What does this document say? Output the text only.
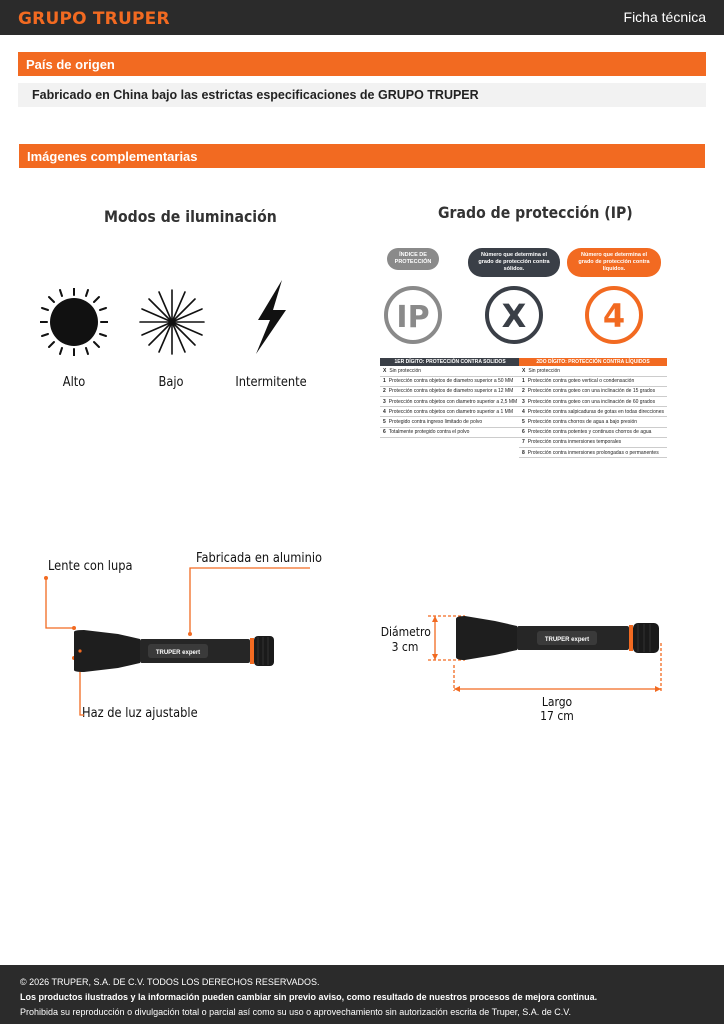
GRUPO TRUPER	Ficha técnica
País de origen
Fabricado en China bajo las estrictas especificaciones de GRUPO TRUPER
Imágenes complementarias
Modos de iluminación
Alto	Bajo	Intermitente
Grado de protección (IP)
ÍNDICE DE PROTECCIÓN
Número que determina el grado de protección contra sólidos.
Número que determina el grado de protección contra líquidos.
IP X 4
1ER DÍGITO: PROTECCIÓN CONTRA SOLIDOS
X Sin protección
1 Protección contra objetos de diametro superior a 50 MM
2 Protección contra objetos de diametro superior a 12 MM
3 Protección contra objetos con diametro superior a 2,5 MM
4 Protección contra objetos con diametro superior a 1 MM
5 Protegido contra ingreso limitado de polvo
6 Totalmente protegido contra el polvo
2DO DÍGITO: PROTECCIÓN CONTRA LÍQUIDOS
X Sin protección
1 Protección contra goteo vertical o condensación
2 Protección contra goteo con una inclinación de 15 grados
3 Protección contra goteo con una inclinación de 60 grados
4 Protección contra salpicaduras de gotas en todas direcciones
5 Protección contra chorros de agua a bajo presión
6 Protección contra potentes y continuos chorros de agua
7 Protección contra inmersiones temporales
8 Protección contra inmersiones prolongadas o permanentes
Lente con lupa
Fabricada en aluminio
Haz de luz ajustable
TRUPER expert
Diámetro
3 cm
Largo
17 cm
TRUPER expert
© 2026 TRUPER, S.A. DE C.V. TODOS LOS DERECHOS RESERVADOS.
Los productos ilustrados y la información pueden cambiar sin previo aviso, como resultado de nuestros procesos de mejora continua.
Prohibida su reproducción o divulgación total o parcial así como su uso o aprovechamiento sin autorización escrita de Truper, S.A. de C.V.
